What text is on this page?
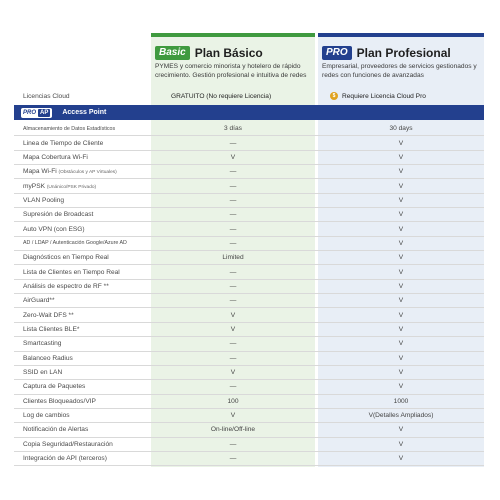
Basic Plan Básico
PYMES y comercio minorista y hotelero de rápido crecimiento. Gestión profesional e intuitiva de redes
PRO Plan Profesional
Empresarial, proveedores de servicios gestionados y redes con funciones de avanzadas
Licencias Cloud	GRATUITO (No requiere Licencia)	$	Requiere Licencia Cloud Pro
PRO AP Access Point
Almacenamiento de Datos Estadísticos	3 días	30 days
Linea de Tiempo de Cliente	—	V
Mapa Cobertura Wi-Fi	V	V
Mapa Wi-Fi (Obstáculos y AP Virtuales)	—	V
myPSK (Unánico/PSK Privado)	—	V
VLAN Pooling	—	V
Supresión de Broadcast	—	V
Auto VPN (con ESG)	—	V
AD / LDAP / Autenticación Google/Azure AD	—	V
Diagnósticos en Tiempo Real	Limited	V
Lista de Clientes en Tiempo Real	—	V
Análisis de espectro de RF **	—	V
AirGuard**	—	V
Zero-Wait DFS **	V	V
Lista Clientes BLE*	V	V
Smartcasting	—	V
Balanceo Radius	—	V
SSID en LAN	V	V
Captura de Paquetes	—	V
Clientes Bloqueados/VIP	100	1000
Log de cambios	V	V(Detalles Ampliados)
Notificación de Alertas	On-line/Off-line	V
Copia Seguridad/Restauración	—	V
Integración de API (terceros)	—	V
